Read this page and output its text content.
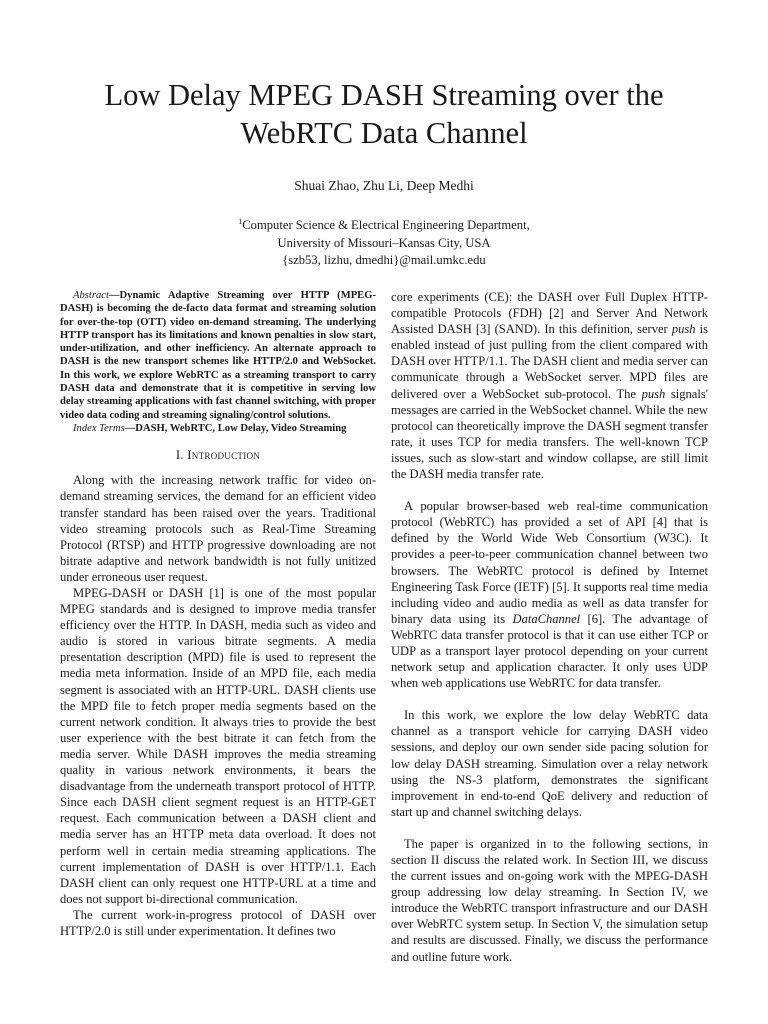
Low Delay MPEG DASH Streaming over the
WebRTC Data Channel
Shuai Zhao, Zhu Li, Deep Medhi
$^1$Computer Science & Electrical Engineering Department,
University of Missouri–Kansas City, USA
{szb53, lizhu, dmedhi}@mail.umkc.edu

Abstract—Dynamic Adaptive Streaming over HTTP (MPEG-DASH) is becoming the de-facto data format and streaming solution for over-the-top (OTT) video on-demand streaming. The underlying HTTP transport has its limitations and known penalties in slow start, under-utilization, and other inefficiency. An alternate approach to DASH is the new transport schemes like HTTP/2.0 and WebSocket. In this work, we explore WebRTC as a streaming transport to carry DASH data and demonstrate that it is competitive in serving low delay streaming applications with fast channel switching, with proper video data coding and streaming signaling/control solutions.

Index Terms—DASH, WebRTC, Low Delay, Video Streaming

I. Introduction

Along with the increasing network traffic for video on-demand streaming services, the demand for an efficient video transfer standard has been raised over the years. Traditional video streaming protocols such as Real-Time Streaming Protocol (RTSP) and HTTP progressive downloading are not bitrate adaptive and network bandwidth is not fully unitized under erroneous user request.

MPEG-DASH or DASH [1] is one of the most popular MPEG standards and is designed to improve media transfer efficiency over the HTTP. In DASH, media such as video and audio is stored in various bitrate segments. A media presentation description (MPD) file is used to represent the media meta information. Inside of an MPD file, each media segment is associated with an HTTP-URL. DASH clients use the MPD file to fetch proper media segments based on the current network condition. It always tries to provide the best user experience with the best bitrate it can fetch from the media server. While DASH improves the media streaming quality in various network environments, it bears the disadvantage from the underneath transport protocol of HTTP. Since each DASH client segment request is an HTTP-GET request. Each communication between a DASH client and media server has an HTTP meta data overload. It does not perform well in certain media streaming applications. The current implementation of DASH is over HTTP/1.1. Each DASH client can only request one HTTP-URL at a time and does not support bi-directional communication.

The current work-in-progress protocol of DASH over HTTP/2.0 is still under experimentation. It defines two

core experiments (CE): the DASH over Full Duplex HTTP-compatible Protocols (FDH) [2] and Server And Network Assisted DASH [3] (SAND). In this definition, server push is enabled instead of just pulling from the client compared with DASH over HTTP/1.1. The DASH client and media server can communicate through a WebSocket server. MPD files are delivered over a WebSocket sub-protocol. The push signals' messages are carried in the WebSocket channel. While the new protocol can theoretically improve the DASH segment transfer rate, it uses TCP for media transfers. The well-known TCP issues, such as slow-start and window collapse, are still limit the DASH media transfer rate.

A popular browser-based web real-time communication protocol (WebRTC) has provided a set of API [4] that is defined by the World Wide Web Consortium (W3C). It provides a peer-to-peer communication channel between two browsers. The WebRTC protocol is defined by Internet Engineering Task Force (IETF) [5]. It supports real time media including video and audio media as well as data transfer for binary data using its DataChannel [6]. The advantage of WebRTC data transfer protocol is that it can use either TCP or UDP as a transport layer protocol depending on your current network setup and application character. It only uses UDP when web applications use WebRTC for data transfer.

In this work, we explore the low delay WebRTC data channel as a transport vehicle for carrying DASH video sessions, and deploy our own sender side pacing solution for low delay DASH streaming. Simulation over a relay network using the NS-3 platform, demonstrates the significant improvement in end-to-end QoE delivery and reduction of start up and channel switching delays.

The paper is organized in to the following sections, in section II discuss the related work. In Section III, we discuss the current issues and on-going work with the MPEG-DASH group addressing low delay streaming. In Section IV, we introduce the WebRTC transport infrastructure and our DASH over WebRTC system setup. In Section V, the simulation setup and results are discussed. Finally, we discuss the performance and outline future work.
